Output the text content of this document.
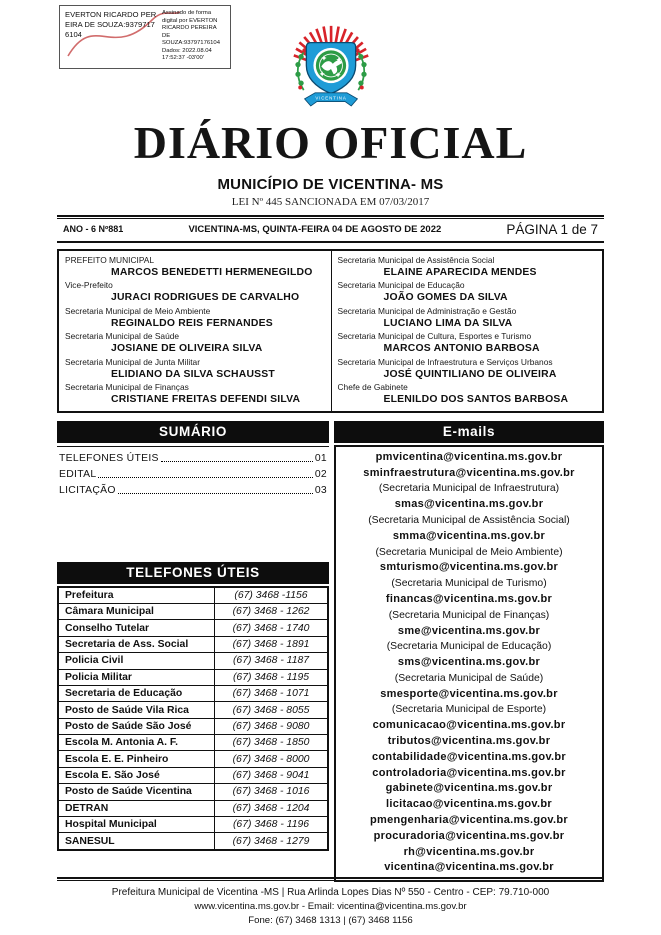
EVERTON RICARDO PEREIRA DE SOUZA:93797176104
Assinado de forma digital por EVERTON RICARDO PEREIRA DE SOUZA:93797176104 Dados: 2022.08.04 17:52:37 -03'00'
VICENTINA
DIÁRIO OFICIAL
MUNICÍPIO DE VICENTINA- MS
LEI Nº 445 SANCIONADA EM 07/03/2017
ANO - 6 Nº881	VICENTINA-MS, QUINTA-FEIRA 04 DE AGOSTO DE 2022	PÁGINA 1 de 7
PREFEITO MUNICIPAL
MARCOS BENEDETTI HERMENEGILDO
Vice-Prefeito
JURACI RODRIGUES DE CARVALHO
Secretaria Municipal de Meio Ambiente
REGINALDO REIS FERNANDES
Secretaria Municipal de Saúde
JOSIANE DE OLIVEIRA SILVA
Secretaria Municipal de Junta Militar
ELIDIANO DA SILVA SCHAUSST
Secretaria Municipal de Finanças
CRISTIANE FREITAS DEFENDI SILVA
Secretaria Municipal de Assistência Social
ELAINE APARECIDA MENDES
Secretaria Municipal de Educação
JOÃO GOMES DA SILVA
Secretaria Municipal de Administração e Gestão
LUCIANO LIMA DA SILVA
Secretaria Municipal de Cultura, Esportes e Turismo
MARCOS ANTONIO BARBOSA
Secretaria Municipal de Infraestrutura e Serviços Urbanos
JOSÉ QUINTILIANO DE OLIVEIRA
Chefe de Gabinete
ELENILDO DOS SANTOS BARBOSA
SUMÁRIO
TELEFONES ÚTEIS	01
EDITAL	02
LICITAÇÃO	03
TELEFONES ÚTEIS
Prefeitura	(67) 3468 -1156
Câmara Municipal	(67) 3468 - 1262
Conselho Tutelar	(67) 3468 - 1740
Secretaria de Ass. Social	(67) 3468 - 1891
Policia Civil	(67) 3468 - 1187
Policia Militar	(67) 3468 - 1195
Secretaria de Educação	(67) 3468 - 1071
Posto de Saúde Vila Rica	(67) 3468 - 8055
Posto de Saúde São José	(67) 3468 - 9080
Escola M. Antonia A. F.	(67) 3468 - 1850
Escola E. E. Pinheiro	(67) 3468 - 8000
Escola E. São José	(67) 3468 - 9041
Posto de Saúde Vicentina	(67) 3468 - 1016
DETRAN	(67) 3468 - 1204
Hospital Municipal	(67) 3468 - 1196
SANESUL	(67) 3468 - 1279
E-mails
pmvicentina@vicentina.ms.gov.br
sminfraestrutura@vicentina.ms.gov.br
(Secretaria Municipal de Infraestrutura)
smas@vicentina.ms.gov.br
(Secretaria Municipal de Assistência Social)
smma@vicentina.ms.gov.br
(Secretaria Municipal de Meio Ambiente)
smturismo@vicentina.ms.gov.br
(Secretaria Municipal de Turismo)
financas@vicentina.ms.gov.br
(Secretaria Municipal de Finanças)
sme@vicentina.ms.gov.br
(Secretaria Municipal de Educação)
sms@vicentina.ms.gov.br
(Secretaria Municipal de Saúde)
smesporte@vicentina.ms.gov.br
(Secretaria Municipal de Esporte)
comunicacao@vicentina.ms.gov.br
tributos@vicentina.ms.gov.br
contabilidade@vicentina.ms.gov.br
controladoria@vicentina.ms.gov.br
gabinete@vicentina.ms.gov.br
licitacao@vicentina.ms.gov.br
pmengenharia@vicentina.ms.gov.br
procuradoria@vicentina.ms.gov.br
rh@vicentina.ms.gov.br
vicentina@vicentina.ms.gov.br
Prefeitura Municipal de Vicentina -MS | Rua Arlinda Lopes Dias Nº 550 - Centro - CEP: 79.710-000
www.vicentina.ms.gov.br - Email: vicentina@vicentina.ms.gov.br
Fone: (67) 3468 1313 | (67) 3468 1156
